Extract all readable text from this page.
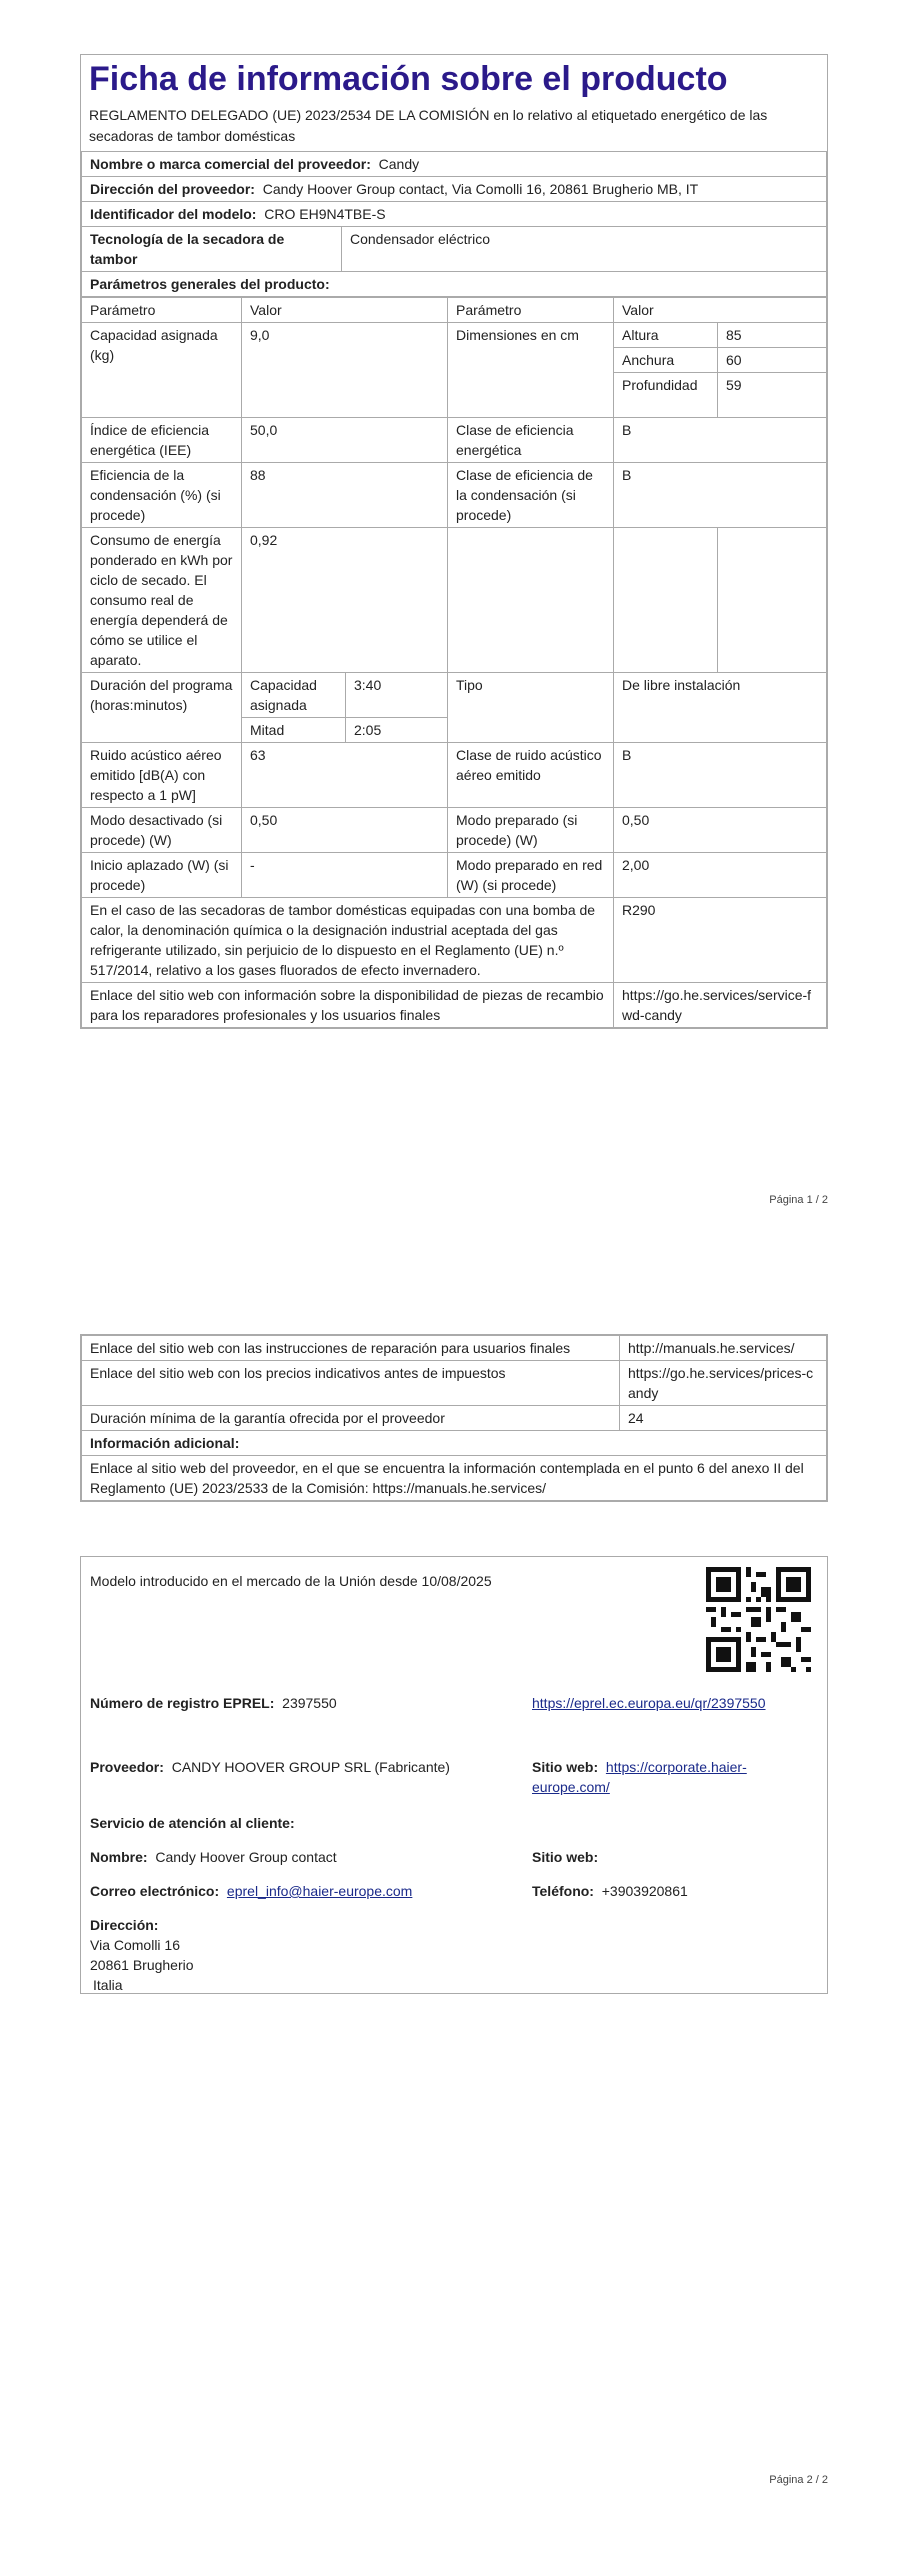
Ficha de información sobre el producto
REGLAMENTO DELEGADO (UE) 2023/2534 DE LA COMISIÓN en lo relativo al etiquetado energético de las secadoras de tambor domésticas
Nombre o marca comercial del proveedor: Candy
Dirección del proveedor: Candy Hoover Group contact, Via Comolli 16, 20861 Brugherio MB, IT
Identificador del modelo: CRO EH9N4TBE-S
Tecnología de la secadora de tambor	Condensador eléctrico
Parámetros generales del producto:
Parámetro	Valor		Parámetro	Valor	
Capacidad asignada (kg)	9,0		Dimensiones en cm	Altura	85
				Anchura	60
				Profundidad	59
Índice de eficiencia energética (IEE)	50,0		Clase de eficiencia energética	B	
Eficiencia de la condensación (%) (si procede)	88		Clase de eficiencia de la condensación (si procede)	B	
Consumo de energía ponderado en kWh por ciclo de secado. El consumo real de energía dependerá de cómo se utilice el aparato.	0,92				
Duración del programa (horas:minutos)	Capacidad asignada	3:40	Tipo	De libre instalación	
	Mitad	2:05			
Ruido acústico aéreo emitido [dB(A) con respecto a 1 pW]	63		Clase de ruido acústico aéreo emitido	B	
Modo desactivado (si procede) (W)	0,50		Modo preparado (si procede) (W)	0,50	
Inicio aplazado (W) (si procede)	-		Modo preparado en red (W) (si procede)	2,00	
En el caso de las secadoras de tambor domésticas equipadas con una bomba de calor, la denominación química o la designación industrial aceptada del gas refrigerante utilizado, sin perjuicio de lo dispuesto en el Reglamento (UE) n.º 517/2014, relativo a los gases fluorados de efecto invernadero.				R290	
Enlace del sitio web con información sobre la disponibilidad de piezas de recambio para los reparadores profesionales y los usuarios finales				https://go.he.services/service-fwd-candy	
Página 1 / 2
Enlace del sitio web con las instrucciones de reparación para usuarios finales	http://manuals.he.services/
Enlace del sitio web con los precios indicativos antes de impuestos	https://go.he.services/prices-candy
Duración mínima de la garantía ofrecida por el proveedor	24
Información adicional:	
Enlace al sitio web del proveedor, en el que se encuentra la información contemplada en el punto 6 del anexo II del Reglamento (UE) 2023/2533 de la Comisión: https://manuals.he.services/	
Modelo introducido en el mercado de la Unión desde 10/08/2025
Número de registro EPREL: 2397550	https://eprel.ec.europa.eu/qr/2397550
Proveedor: CANDY HOOVER GROUP SRL (Fabricante)	Sitio web: https://corporate.haier-europe.com/
Servicio de atención al cliente:
Nombre: Candy Hoover Group contact	Sitio web:
Correo electrónico: eprel_info@haier-europe.com	Teléfono: +3903920861
Dirección:
Via Comolli 16
20861 Brugherio
Italia
Página 2 / 2
